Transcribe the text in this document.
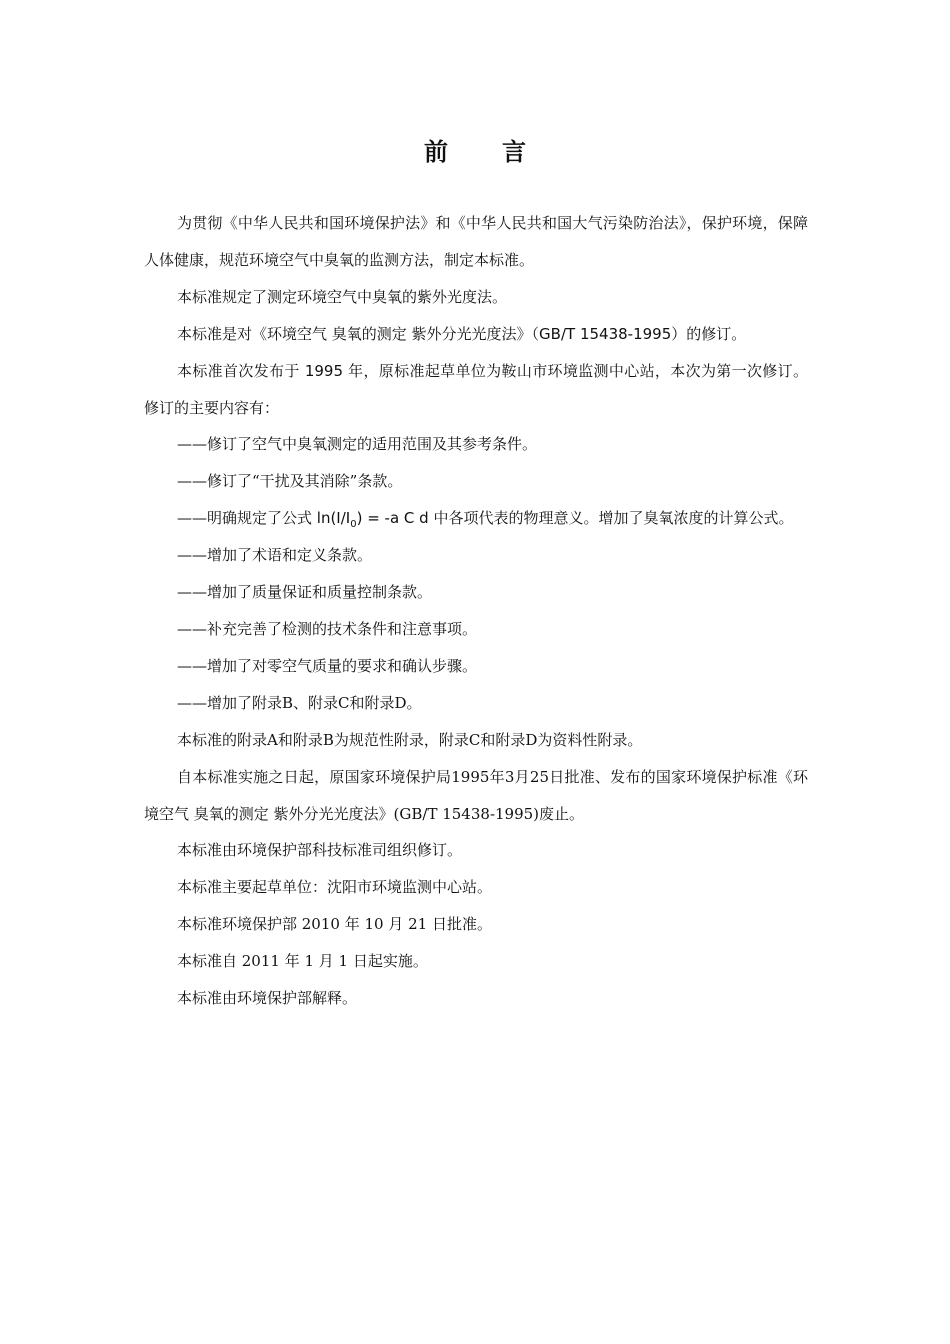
前 言

为贯彻《中华人民共和国环境保护法》和《中华人民共和国大气污染防治法》，保护环境，保障人体健康，规范环境空气中臭氧的监测方法，制定本标准。

本标准规定了测定环境空气中臭氧的紫外光度法。

本标准是对《环境空气 臭氧的测定 紫外分光光度法》（GB/T 15438-1995）的修订。

本标准首次发布于 1995 年，原标准起草单位为鞍山市环境监测中心站，本次为第一次修订。修订的主要内容有：

——修订了空气中臭氧测定的适用范围及其参考条件。

——修订了“干扰及其消除”条款。

——明确规定了公式 $\ln(I/I_0) = -a$ C d 中各项代表的物理意义。增加了臭氧浓度的计算公式。

——增加了术语和定义条款。

——增加了质量保证和质量控制条款。

——补充完善了检测的技术条件和注意事项。

——增加了对零空气质量的要求和确认步骤。

——增加了附录B、附录C和附录D。

本标准的附录A和附录B为规范性附录，附录C和附录D为资料性附录。

自本标准实施之日起，原国家环境保护局1995年3月25日批准、发布的国家环境保护标准《环境空气 臭氧的测定 紫外分光光度法》(GB/T 15438-1995)废止。

本标准由环境保护部科技标准司组织修订。

本标准主要起草单位：沈阳市环境监测中心站。

本标准环境保护部 2010 年 10 月 21 日批准。

本标准自 2011 年 1 月 1 日起实施。

本标准由环境保护部解释。
